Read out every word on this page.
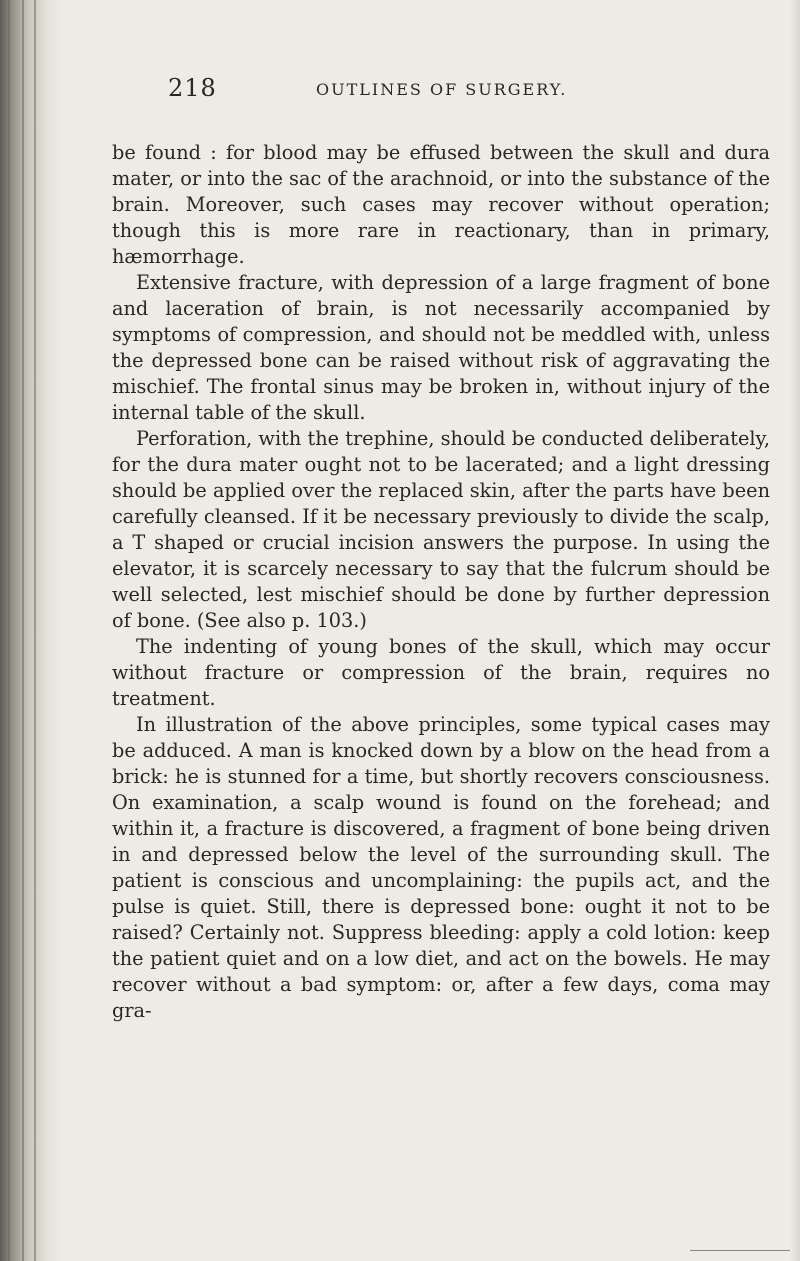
218	OUTLINES OF SURGERY.

be found : for blood may be effused between the skull and dura mater, or into the sac of the arachnoid, or into the substance of the brain. Moreover, such cases may recover without operation; though this is more rare in reactionary, than in primary, hæmorrhage.

Extensive fracture, with depression of a large fragment of bone and laceration of brain, is not necessarily accompanied by symptoms of compression, and should not be meddled with, unless the depressed bone can be raised without risk of aggravating the mischief. The frontal sinus may be broken in, without injury of the internal table of the skull.

Perforation, with the trephine, should be conducted deliberately, for the dura mater ought not to be lacerated; and a light dressing should be applied over the replaced skin, after the parts have been carefully cleansed. If it be necessary previously to divide the scalp, a T shaped or crucial incision answers the purpose. In using the elevator, it is scarcely necessary to say that the fulcrum should be well selected, lest mischief should be done by further depression of bone. (See also p. 103.)

The indenting of young bones of the skull, which may occur without fracture or compression of the brain, requires no treatment.

In illustration of the above principles, some typical cases may be adduced. A man is knocked down by a blow on the head from a brick: he is stunned for a time, but shortly recovers consciousness. On examination, a scalp wound is found on the forehead; and within it, a fracture is discovered, a fragment of bone being driven in and depressed below the level of the surrounding skull. The patient is conscious and uncomplaining: the pupils act, and the pulse is quiet. Still, there is depressed bone: ought it not to be raised? Certainly not. Suppress bleeding: apply a cold lotion: keep the patient quiet and on a low diet, and act on the bowels. He may recover without a bad symptom: or, after a few days, coma may gra-
